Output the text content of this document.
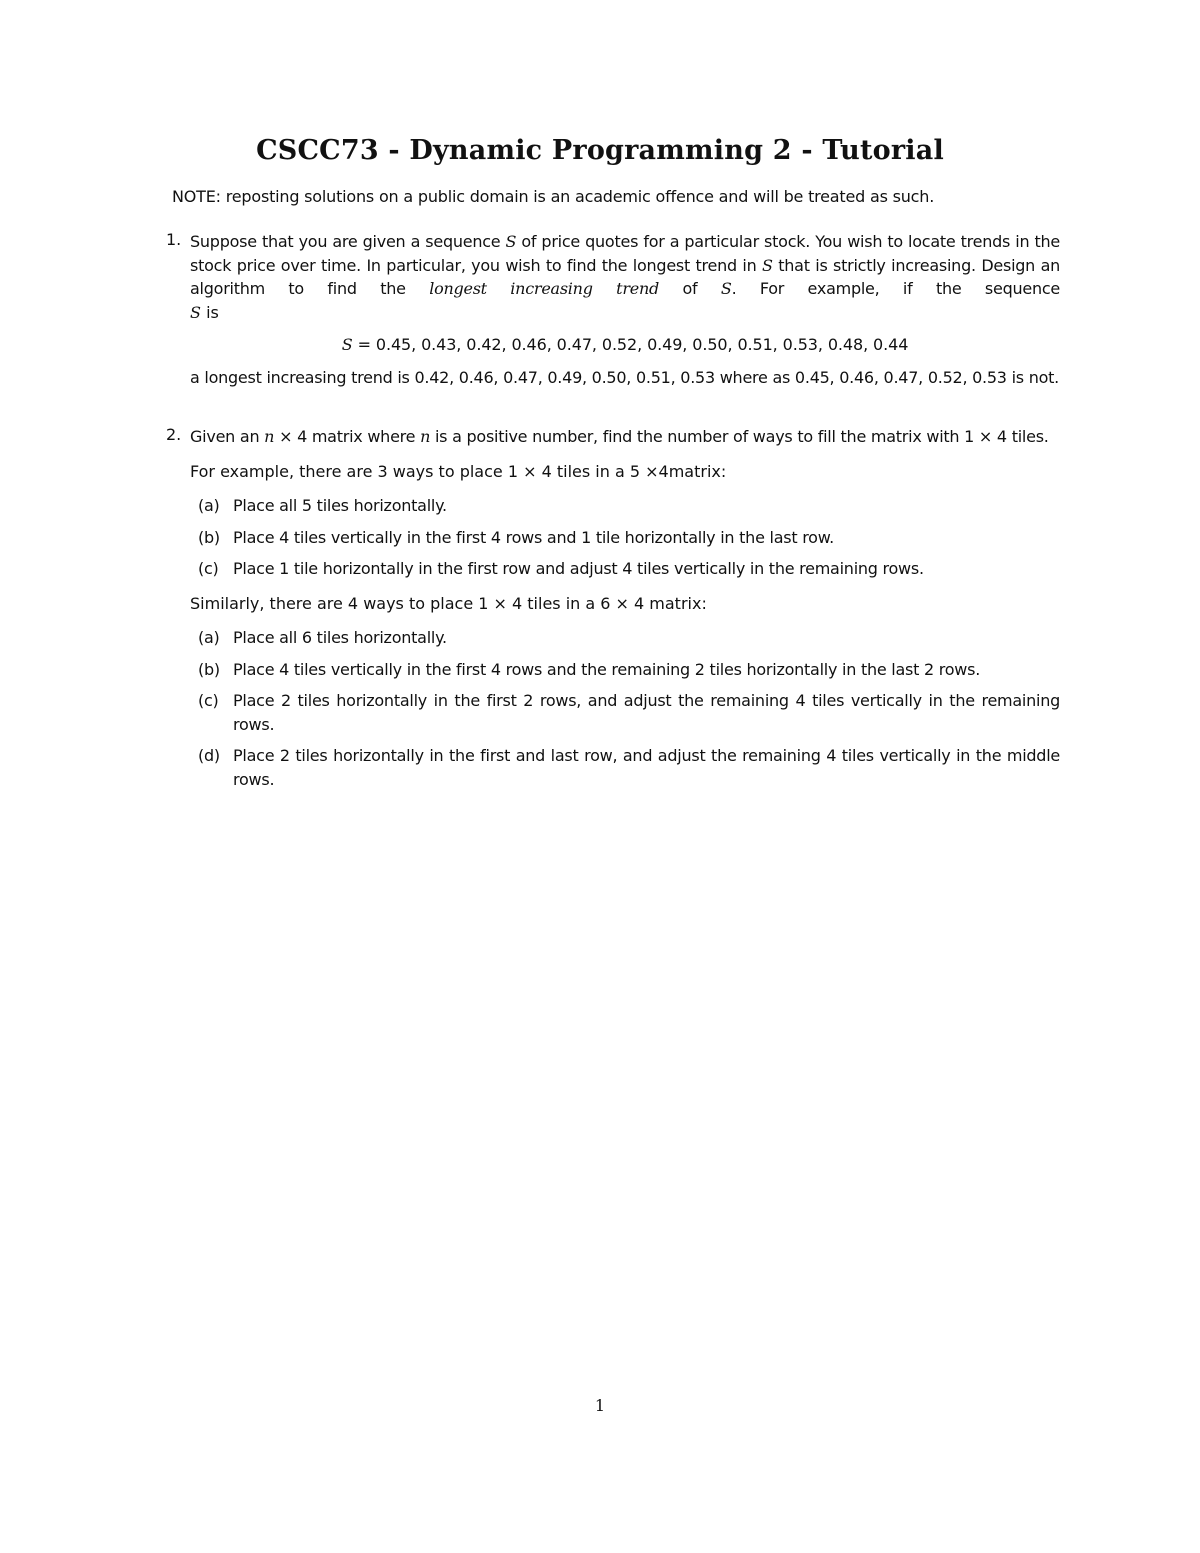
CSCC73 - Dynamic Programming 2 - Tutorial
NOTE: reposting solutions on a public domain is an academic offence and will be treated as such.
1. Suppose that you are given a sequence S of price quotes for a particular stock. You wish to locate trends in the stock price over time. In particular, you wish to find the longest trend in S that is strictly increasing. Design an algorithm to find the longest increasing trend of S. For example, if the sequence
S is
S = 0.45, 0.43, 0.42, 0.46, 0.47, 0.52, 0.49, 0.50, 0.51, 0.53, 0.48, 0.44
a longest increasing trend is 0.42, 0.46, 0.47, 0.49, 0.50, 0.51, 0.53 where as 0.45, 0.46, 0.47, 0.52, 0.53 is not.
2. Given an n × 4 matrix where n is a positive number, find the number of ways to fill the matrix with 1 × 4 tiles.
For example, there are 3 ways to place 1 × 4 tiles in a 5 ×4matrix:
(a) Place all 5 tiles horizontally.
(b) Place 4 tiles vertically in the first 4 rows and 1 tile horizontally in the last row.
(c) Place 1 tile horizontally in the first row and adjust 4 tiles vertically in the remaining rows.
Similarly, there are 4 ways to place 1 × 4 tiles in a 6 × 4 matrix:
(a) Place all 6 tiles horizontally.
(b) Place 4 tiles vertically in the first 4 rows and the remaining 2 tiles horizontally in the last 2 rows.
(c) Place 2 tiles horizontally in the first 2 rows, and adjust the remaining 4 tiles vertically in the remaining rows.
(d) Place 2 tiles horizontally in the first and last row, and adjust the remaining 4 tiles vertically in the middle rows.
1
